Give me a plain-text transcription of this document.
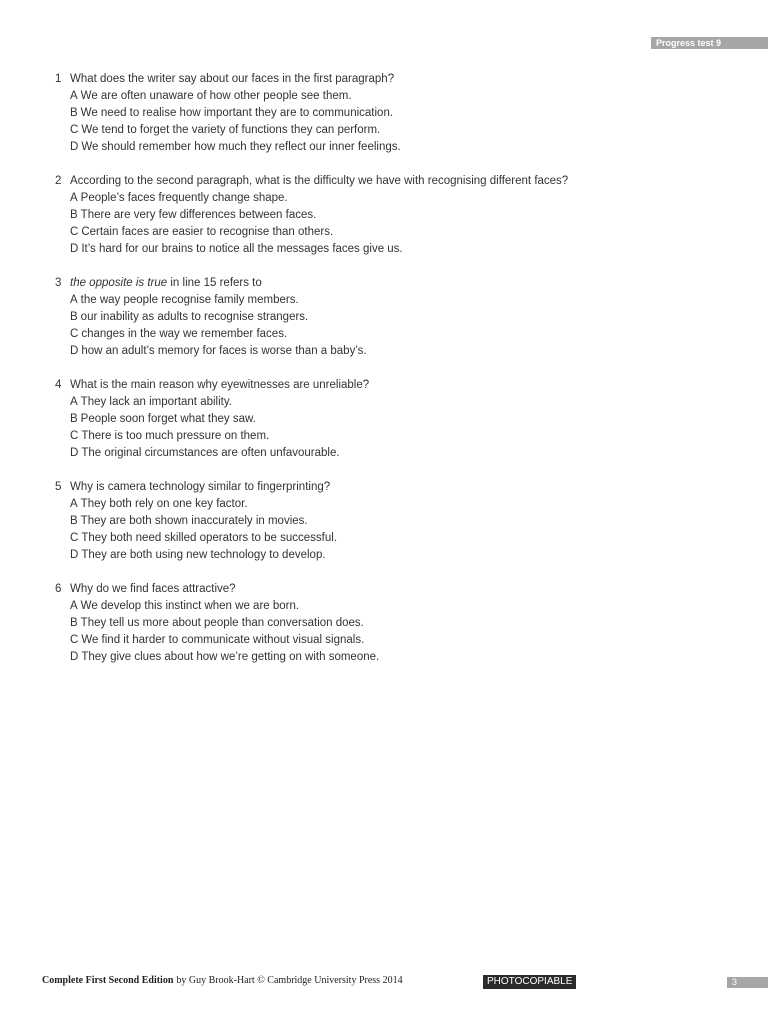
Progress test 9
1 What does the writer say about our faces in the first paragraph?
A We are often unaware of how other people see them.
B We need to realise how important they are to communication.
C We tend to forget the variety of functions they can perform.
D We should remember how much they reflect our inner feelings.
2 According to the second paragraph, what is the difficulty we have with recognising different faces?
A People’s faces frequently change shape.
B There are very few differences between faces.
C Certain faces are easier to recognise than others.
D It’s hard for our brains to notice all the messages faces give us.
3 the opposite is true in line 15 refers to
A the way people recognise family members.
B our inability as adults to recognise strangers.
C changes in the way we remember faces.
D how an adult’s memory for faces is worse than a baby’s.
4 What is the main reason why eyewitnesses are unreliable?
A They lack an important ability.
B People soon forget what they saw.
C There is too much pressure on them.
D The original circumstances are often unfavourable.
5 Why is camera technology similar to fingerprinting?
A They both rely on one key factor.
B They are both shown inaccurately in movies.
C They both need skilled operators to be successful.
D They are both using new technology to develop.
6 Why do we find faces attractive?
A We develop this instinct when we are born.
B They tell us more about people than conversation does.
C We find it harder to communicate without visual signals.
D They give clues about how we’re getting on with someone.
Complete First Second Edition by Guy Brook-Hart © Cambridge University Press 2014	PHOTOCOPIABLE	3
